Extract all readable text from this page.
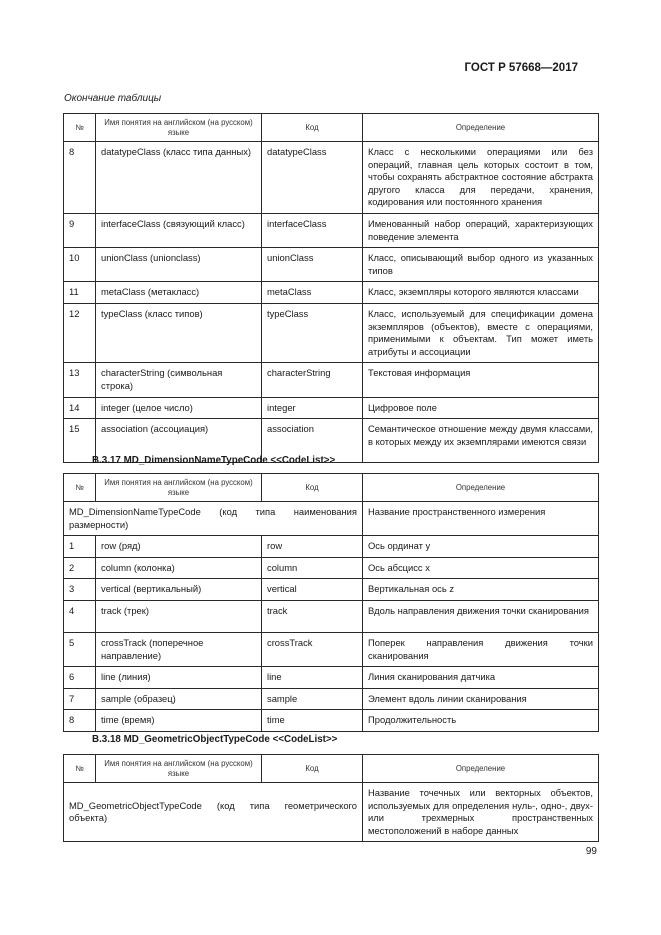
ГОСТ Р 57668—2017
Окончание таблицы
№	Имя понятия на английском (на русском) языке	Код	Определение
8	datatypeClass (класс типа данных)	datatypeClass	Класс с несколькими операциями или без операций, главная цель которых состоит в том, чтобы сохранять абстрактное состояние абстракта другого класса для передачи, хранения, кодирования или постоянного хранения
9	interfaceClass (связующий класс)	interfaceClass	Именованный набор операций, характеризующих поведение элемента
10	unionClass (unionclass)	unionClass	Класс, описывающий выбор одного из указанных типов
11	metaClass (метакласс)	metaClass	Класс, экземпляры которого являются классами
12	typeClass (класс типов)	typeClass	Класс, используемый для спецификации домена экземпляров (объектов), вместе с операциями, применимыми к объектам. Тип может иметь атрибуты и ассоциации
13	characterString (символьная строка)	characterString	Текстовая информация
14	integer (целое число)	integer	Цифровое поле
15	association (ассоциация)	association	Семантическое отношение между двумя классами, в которых между их экземплярами имеются связи
B.3.17 MD_DimensionNameTypeCode <<CodeList>>
№	Имя понятия на английском (на русском) языке	Код	Определение
MD_DimensionNameTypeCode (код типа наименования размерности)			Название пространственного измерения
1	row (ряд)	row	Ось ординат y
2	column (колонка)	column	Ось абсцисс x
3	vertical (вертикальный)	vertical	Вертикальная ось z
4	track (трек)	track	Вдоль направления движения точки сканирования
5	crossTrack (поперечное направление)	crossTrack	Поперек направления движения точки сканирования
6	line (линия)	line	Линия сканирования датчика
7	sample (образец)	sample	Элемент вдоль линии сканирования
8	time (время)	time	Продолжительность
B.3.18 MD_GeometricObjectTypeCode <<CodeList>>
№	Имя понятия на английском (на русском) языке	Код	Определение
MD_GeometricObjectTypeCode (код типа геометрического объекта)			Название точечных или векторных объектов, используемых для определения нуль-, одно-, двух- или трехмерных пространственных местоположений в наборе данных
99
